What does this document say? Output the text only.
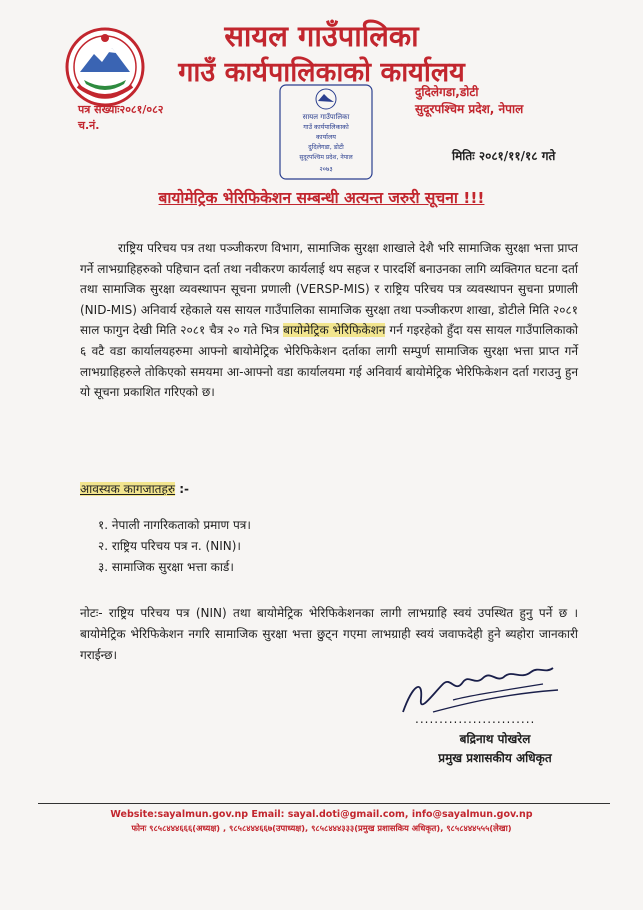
सायल गाउँपालिका
गाउँ कार्यपालिकाको कार्यालय
दुदिलेगडा,डोटी
सुदूरपश्चिम प्रदेश, नेपाल
पत्र संख्याः२०८१/०८२
च.नं.
सायल गाउँपालिका
गाउँ कार्यपालिकाको
कार्यालय
दुदिलेगडा, डोटी
सुदूरपश्चिम प्रदेश, नेपाल
२०७३
मितिः २०८१/११/१८ गते
बायोमेट्रिक भेरिफिकेशन सम्बन्धी अत्यन्त जरुरी सूचना !!!
राष्ट्रिय परिचय पत्र तथा पञ्जीकरण विभाग, सामाजिक सुरक्षा शाखाले देशै भरि सामाजिक सुरक्षा भत्ता प्राप्त गर्ने लाभग्राहिहरुको पहिचान दर्ता तथा नवीकरण कार्यलाई थप सहज र पारदर्शि बनाउनका लागि व्यक्तिगत घटना दर्ता तथा सामाजिक सुरक्षा व्यवस्थापन सूचना प्रणाली (VERSP-MIS) र राष्ट्रिय परिचय पत्र व्यवस्थापन सुचना प्रणाली (NID-MIS) अनिवार्य रहेकाले यस सायल गाउँपालिका सामाजिक सुरक्षा तथा पञ्जीकरण शाखा, डोटीले मिति २०८१ साल फागुन देखी मिति २०८१ चैत्र २० गते भित्र बायोमेट्रिक भेरिफिकेशन गर्न गइरहेको हुँदा यस सायल गाउँपालिकाको ६ वटै वडा कार्यालयहरुमा आफ्नो बायोमेट्रिक भेरिफिकेशन दर्ताका लागी सम्पुर्ण सामाजिक सुरक्षा भत्ता प्राप्त गर्ने लाभग्राहिहरुले तोकिएको समयमा आ-आफ्नो वडा कार्यालयमा गई अनिवार्य बायोमेट्रिक भेरिफिकेशन दर्ता गराउनु हुन यो सूचना प्रकाशित गरिएको छ।
आवस्यक कागजातहरु :-
१. नेपाली नागरिकताको प्रमाण पत्र।
२. राष्ट्रिय परिचय पत्र न. (NIN)।
३. सामाजिक सुरक्षा भत्ता कार्ड।
नोटः- राष्ट्रिय परिचय पत्र (NIN) तथा बायोमेट्रिक भेरिफिकेशनका लागी लाभग्राहि स्वयं उपस्थित हुनु पर्ने छ । बायोमेट्रिक भेरिफिकेशन नगरि सामाजिक सुरक्षा भत्ता छुट्न गएमा लाभग्राही स्वयं जवाफदेही हुने ब्यहोरा जानकारी गराईन्छ।
.........................
बद्रिनाथ पोखरेल
प्रमुख प्रशासकीय अधिकृत
Website:sayalmun.gov.np Email: sayal.doti@gmail.com, info@sayalmun.gov.np
फोनः ९८५८४४४६६६(अध्यक्ष) , ९८५८४४४६६७(उपाध्यक्ष), ९८५८४४४३३३(प्रमुख प्रशासकिय अधिकृत), ९८५८४४४५५५(लेखा)
